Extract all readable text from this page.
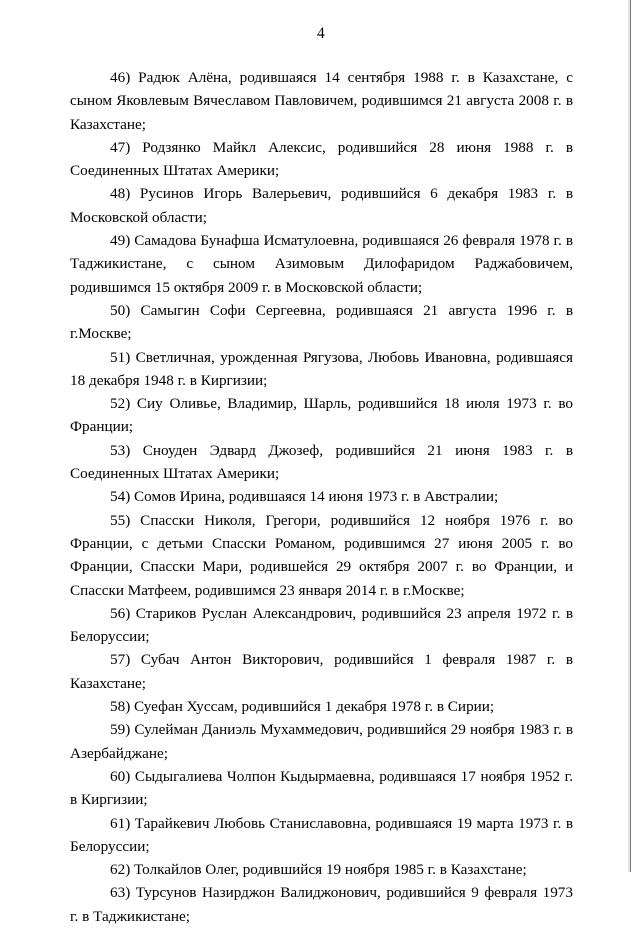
4

46) Радюк Алёна, родившаяся 14 сентября 1988 г. в Казахстане, с сыном Яковлевым Вячеславом Павловичем, родившимся 21 августа 2008 г. в Казахстане;

47) Родзянко Майкл Алексис, родившийся 28 июня 1988 г. в Соединенных Штатах Америки;

48) Русинов Игорь Валерьевич, родившийся 6 декабря 1983 г. в Московской области;

49) Самадова Бунафша Исматулоевна, родившаяся 26 февраля 1978 г. в Таджикистане, с сыном Азимовым Дилофаридом Раджабовичем, родившимся 15 октября 2009 г. в Московской области;

50) Самыгин Софи Сергеевна, родившаяся 21 августа 1996 г. в г.Москве;

51) Светличная, урожденная Рягузова, Любовь Ивановна, родившаяся 18 декабря 1948 г. в Киргизии;

52) Сиу Оливье, Владимир, Шарль, родившийся 18 июля 1973 г. во Франции;

53) Сноуден Эдвард Джозеф, родившийся 21 июня 1983 г. в Соединенных Штатах Америки;

54) Сомов Ирина, родившаяся 14 июня 1973 г. в Австралии;

55) Спасски Николя, Грегори, родившийся 12 ноября 1976 г. во Франции, с детьми Спасски Романом, родившимся 27 июня 2005 г. во Франции, Спасски Мари, родившейся 29 октября 2007 г. во Франции, и Спасски Матфеем, родившимся 23 января 2014 г. в г.Москве;

56) Стариков Руслан Александрович, родившийся 23 апреля 1972 г. в Белоруссии;

57) Субач Антон Викторович, родившийся 1 февраля 1987 г. в Казахстане;

58) Суефан Хуссам, родившийся 1 декабря 1978 г. в Сирии;

59) Сулейман Даниэль Мухаммедович, родившийся 29 ноября 1983 г. в Азербайджане;

60) Сыдыгалиева Чолпон Кыдырмаевна, родившаяся 17 ноября 1952 г. в Киргизии;

61) Тарайкевич Любовь Станиславовна, родившаяся 19 марта 1973 г. в Белоруссии;

62) Толкайлов Олег, родившийся 19 ноября 1985 г. в Казахстане;

63) Турсунов Назирджон Валиджонович, родившийся 9 февраля 1973 г. в Таджикистане;
